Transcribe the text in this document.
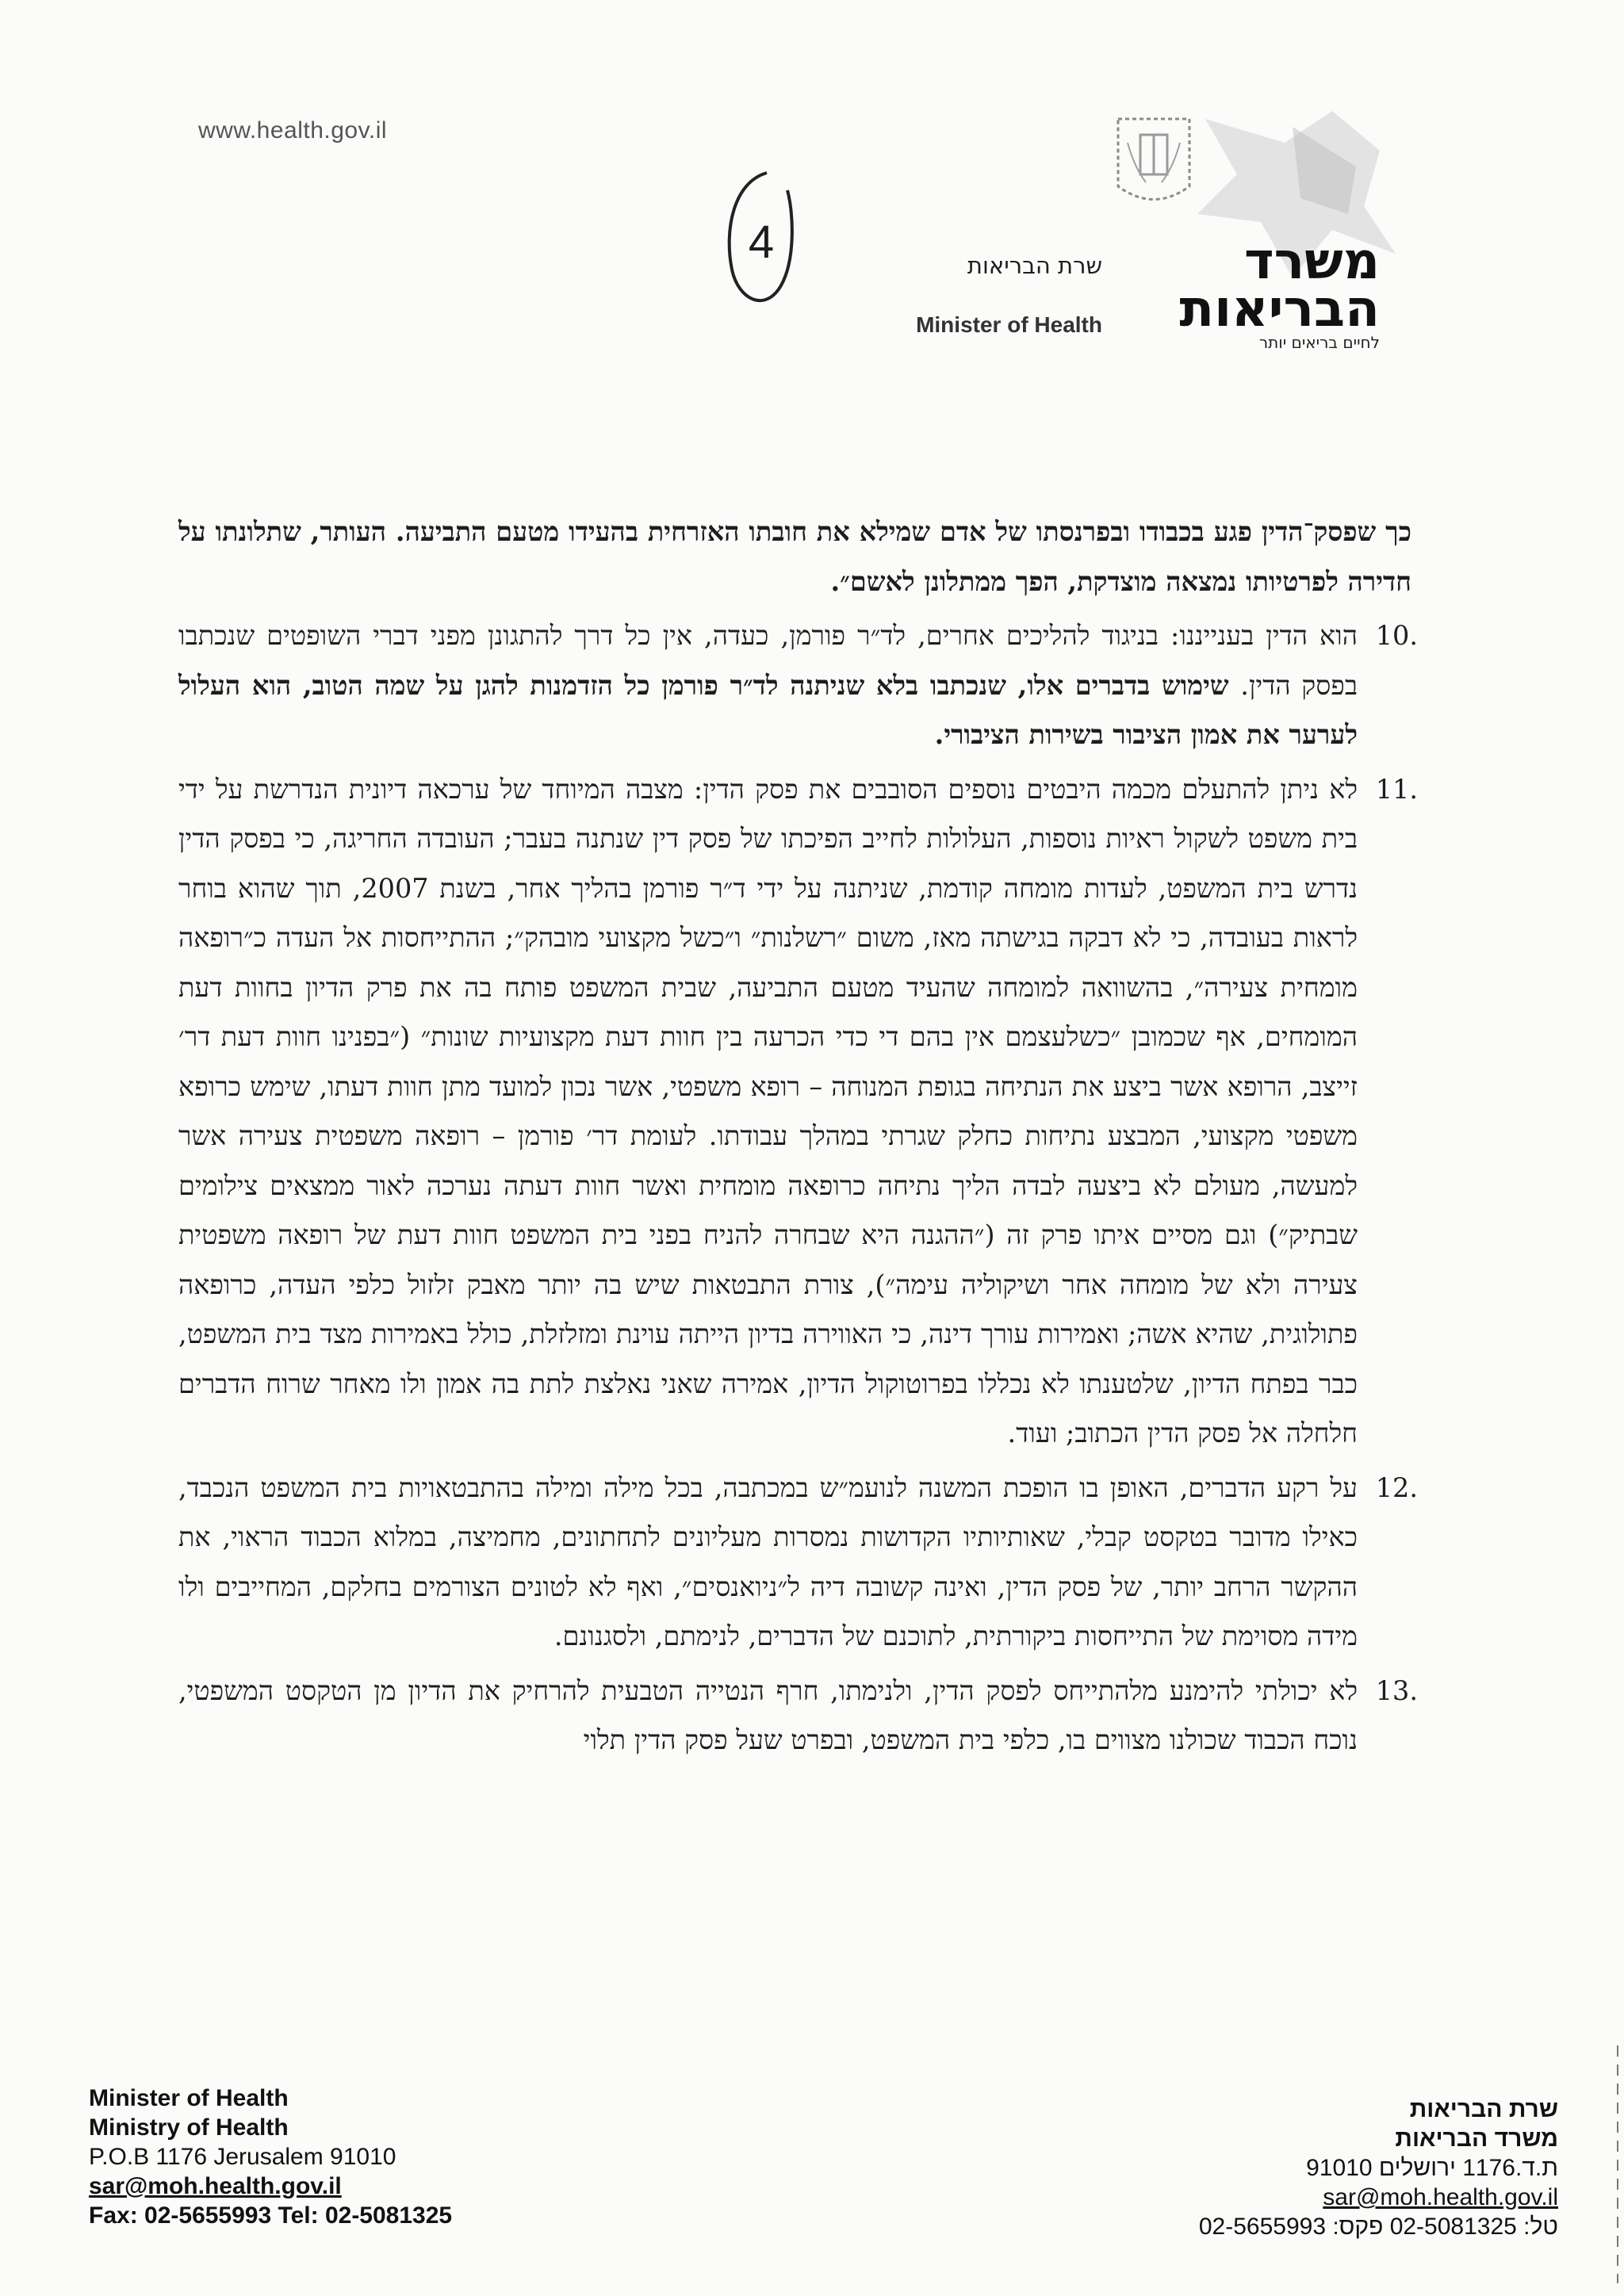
www.health.gov.il
4	משרד
הבריאות
לחיים בריאים יותר
שרת הבריאות
Minister of Health

כך שפסק־הדין פגע בכבודו ובפרנסתו של אדם שמילא את חובתו האזרחית בהעידו מטעם התביעה. העותר, שתלונתו על חדירה לפרטיותו נמצאה מוצדקת, הפך ממתלונן לאשם״.

10.
הוא הדין בענייננו: בניגוד להליכים אחרים, לד״ר פורמן, כעדה, אין כל דרך להתגונן מפני דברי השופטים שנכתבו בפסק הדין. שימוש בדברים אלו, שנכתבו בלא שניתנה לד״ר פורמן כל הזדמנות להגן על שמה הטוב, הוא העלול לערער את אמון הציבור בשירות הציבורי.

11.
לא ניתן להתעלם מכמה היבטים נוספים הסובבים את פסק הדין: מצבה המיוחד של ערכאה דיונית הנדרשת על ידי בית משפט לשקול ראיות נוספות, העלולות לחייב הפיכתו של פסק דין שנתנה בעבר; העובדה החריגה, כי בפסק הדין נדרש בית המשפט, לעדות מומחה קודמת, שניתנה על ידי ד״ר פורמן בהליך אחר, בשנת 2007, תוך שהוא בוחר לראות בעובדה, כי לא דבקה בגישתה מאז, משום ״רשלנות״ ו״כשל מקצועי מובהק״; ההתייחסות אל העדה כ״רופאה מומחית צעירה״, בהשוואה למומחה שהעיד מטעם התביעה, שבית המשפט פותח בה את פרק הדיון בחוות דעת המומחים, אף שכמובן ״כשלעצמם אין בהם די כדי הכרעה בין חוות דעת מקצועיות שונות״ (״בפנינו חוות דעת דר׳ זייצב, הרופא אשר ביצע את הנתיחה בגופת המנוחה – רופא משפטי, אשר נכון למועד מתן חוות דעתו, שימש כרופא משפטי מקצועי, המבצע נתיחות כחלק שגרתי במהלך עבודתו. לעומת דר׳ פורמן – רופאה משפטית צעירה אשר למעשה, מעולם לא ביצעה לבדה הליך נתיחה כרופאה מומחית ואשר חוות דעתה נערכה לאור ממצאים צילומים שבתיק״) וגם מסיים איתו פרק זה (״ההגנה היא שבחרה להניח בפני בית המשפט חוות דעת של רופאה משפטית צעירה ולא של מומחה אחר ושיקוליה עימה״), צורת התבטאות שיש בה יותר מאבק זלזול כלפי העדה, כרופאה פתולוגית, שהיא אשה; ואמירות עורך דינה, כי האווירה בדיון הייתה עוינת ומזלזלת, כולל באמירות מצד בית המשפט, כבר בפתח הדיון, שלטענתו לא נכללו בפרוטוקול הדיון, אמירה שאני נאלצת לתת בה אמון ולו מאחר שרוח הדברים חלחלה אל פסק הדין הכתוב; ועוד.

12.
על רקע הדברים, האופן בו הופכת המשנה לנועמ״ש במכתבה, בכל מילה ומילה בהתבטאויות בית המשפט הנכבד, כאילו מדובר בטקסט קבלי, שאותיותיו הקדושות נמסרות מעליונים לתחתונים, מחמיצה, במלוא הכבוד הראוי, את ההקשר הרחב יותר, של פסק הדין, ואינה קשובה דיה ל״ניואנסים״, ואף לא לטונים הצורמים בחלקם, המחייבים ולו מידה מסוימת של התייחסות ביקורתית, לתוכנם של הדברים, לנימתם, ולסגנונם.

13.
לא יכולתי להימנע מלהתייחס לפסק הדין, ולנימתו, חרף הנטייה הטבעית להרחיק את הדיון מן הטקסט המשפטי, נוכח הכבוד שכולנו מצווים בו, כלפי בית המשפט, ובפרט שעל פסק הדין תלוי

Minister of Health
Ministry of Health
P.O.B 1176 Jerusalem 91010
sar@moh.health.gov.il
Fax: 02-5655993 Tel: 02-5081325
שרת הבריאות
משרד הבריאות
ת.ד.1176 ירושלים 91010
sar@moh.health.gov.il
טל: 02-5081325 פקס: 02-5655993
